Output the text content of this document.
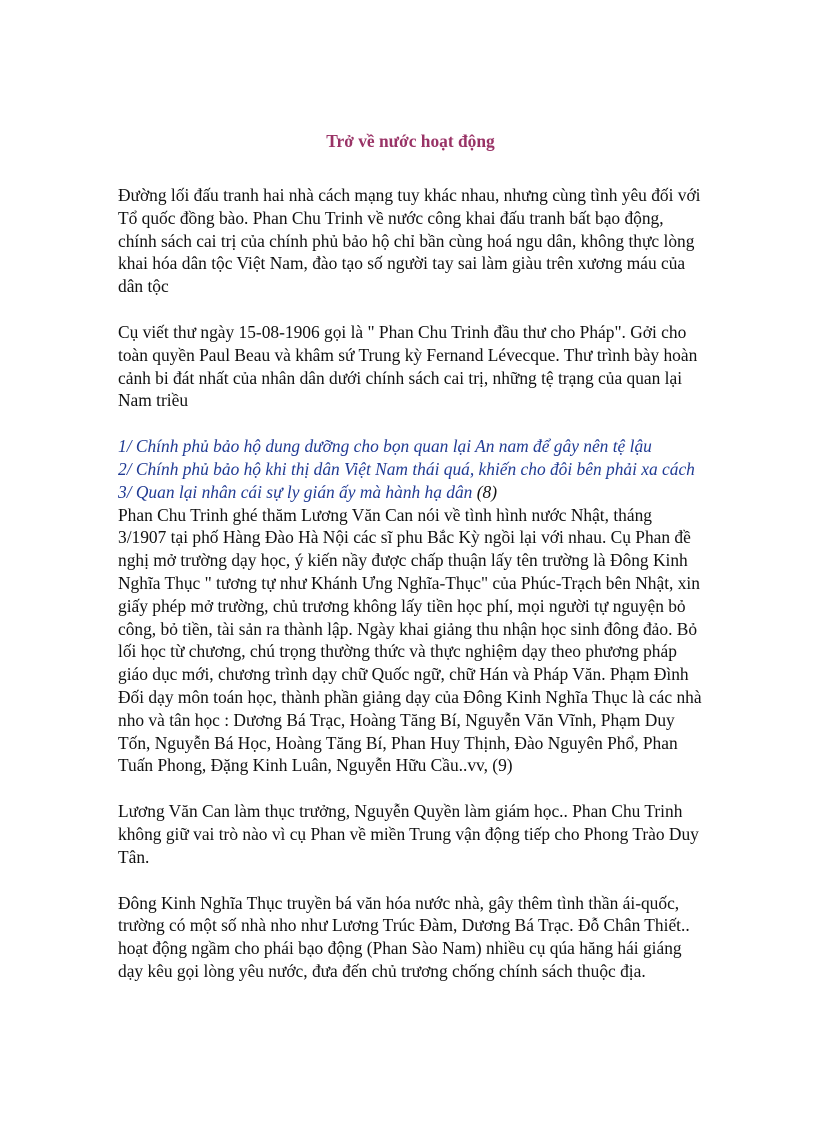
Trở về nước hoạt động

Đường lối đấu tranh hai nhà cách mạng tuy khác nhau, nhưng cùng tình yêu đối với Tổ quốc đồng bào. Phan Chu Trinh về nước công khai đấu tranh bất bạo động, chính sách cai trị của chính phủ bảo hộ chỉ bần cùng hoá ngu dân, không thực lòng khai hóa dân tộc Việt Nam, đào tạo số người tay sai làm giàu trên xương máu của dân tộc

Cụ viết thư ngày 15-08-1906 gọi là " Phan Chu Trinh đầu thư cho Pháp". Gởi cho toàn quyền Paul Beau và khâm sứ Trung kỳ Fernand Lévecque. Thư trình bày hoàn cảnh bi đát nhất của nhân dân dưới chính sách cai trị, những tệ trạng của quan lại Nam triều

1/ Chính phủ bảo hộ dung dưỡng cho bọn quan lại An nam để gây nên tệ lậu
2/ Chính phủ bảo hộ khi thị dân Việt Nam thái quá, khiến cho đôi bên phải xa cách
3/ Quan lại nhân cái sự ly gián ấy mà hành hạ dân (8)

Phan Chu Trinh ghé thăm Lương Văn Can nói về tình hình nước Nhật, tháng 3/1907 tại phố Hàng Đào Hà Nội các sĩ phu Bắc Kỳ ngồi lại với nhau. Cụ Phan đề nghị mở trường dạy học, ý kiến nầy được chấp thuận lấy tên trường là Đông Kinh Nghĩa Thục " tương tự như Khánh Ưng Nghĩa-Thục" của Phúc-Trạch bên Nhật, xin giấy phép mở trường, chủ trương không lấy tiền học phí, mọi người tự nguyện bỏ công, bỏ tiền, tài sản ra thành lập. Ngày khai giảng thu nhận học sinh đông đảo. Bỏ lối học từ chương, chú trọng thường thức và thực nghiệm dạy theo phương pháp giáo dục mới, chương trình dạy chữ Quốc ngữ, chữ Hán và Pháp Văn. Phạm Đình Đối dạy môn toán học, thành phần giảng dạy của Đông Kinh Nghĩa Thục là các nhà nho và tân học : Dương Bá Trạc, Hoàng Tăng Bí, Nguyễn Văn Vĩnh, Phạm Duy Tốn, Nguyễn Bá Học, Hoàng Tăng Bí, Phan Huy Thịnh, Đào Nguyên Phổ, Phan Tuấn Phong, Đặng Kinh Luân, Nguyễn Hữu Cầu..vv, (9)

Lương Văn Can làm thục trưởng, Nguyễn Quyền làm giám học.. Phan Chu Trinh không giữ vai trò nào vì cụ Phan về miền Trung vận động tiếp cho Phong Trào Duy Tân.

Đông Kinh Nghĩa Thục truyền bá văn hóa nước nhà, gây thêm tình thần ái-quốc, trường có một số nhà nho như Lương Trúc Đàm, Dương Bá Trạc. Đỗ Chân Thiết.. hoạt động ngầm cho phái bạo động (Phan Sào Nam) nhiều cụ qúa hăng hái giáng dạy kêu gọi lòng yêu nước, đưa đến chủ trương chống chính sách thuộc địa.
